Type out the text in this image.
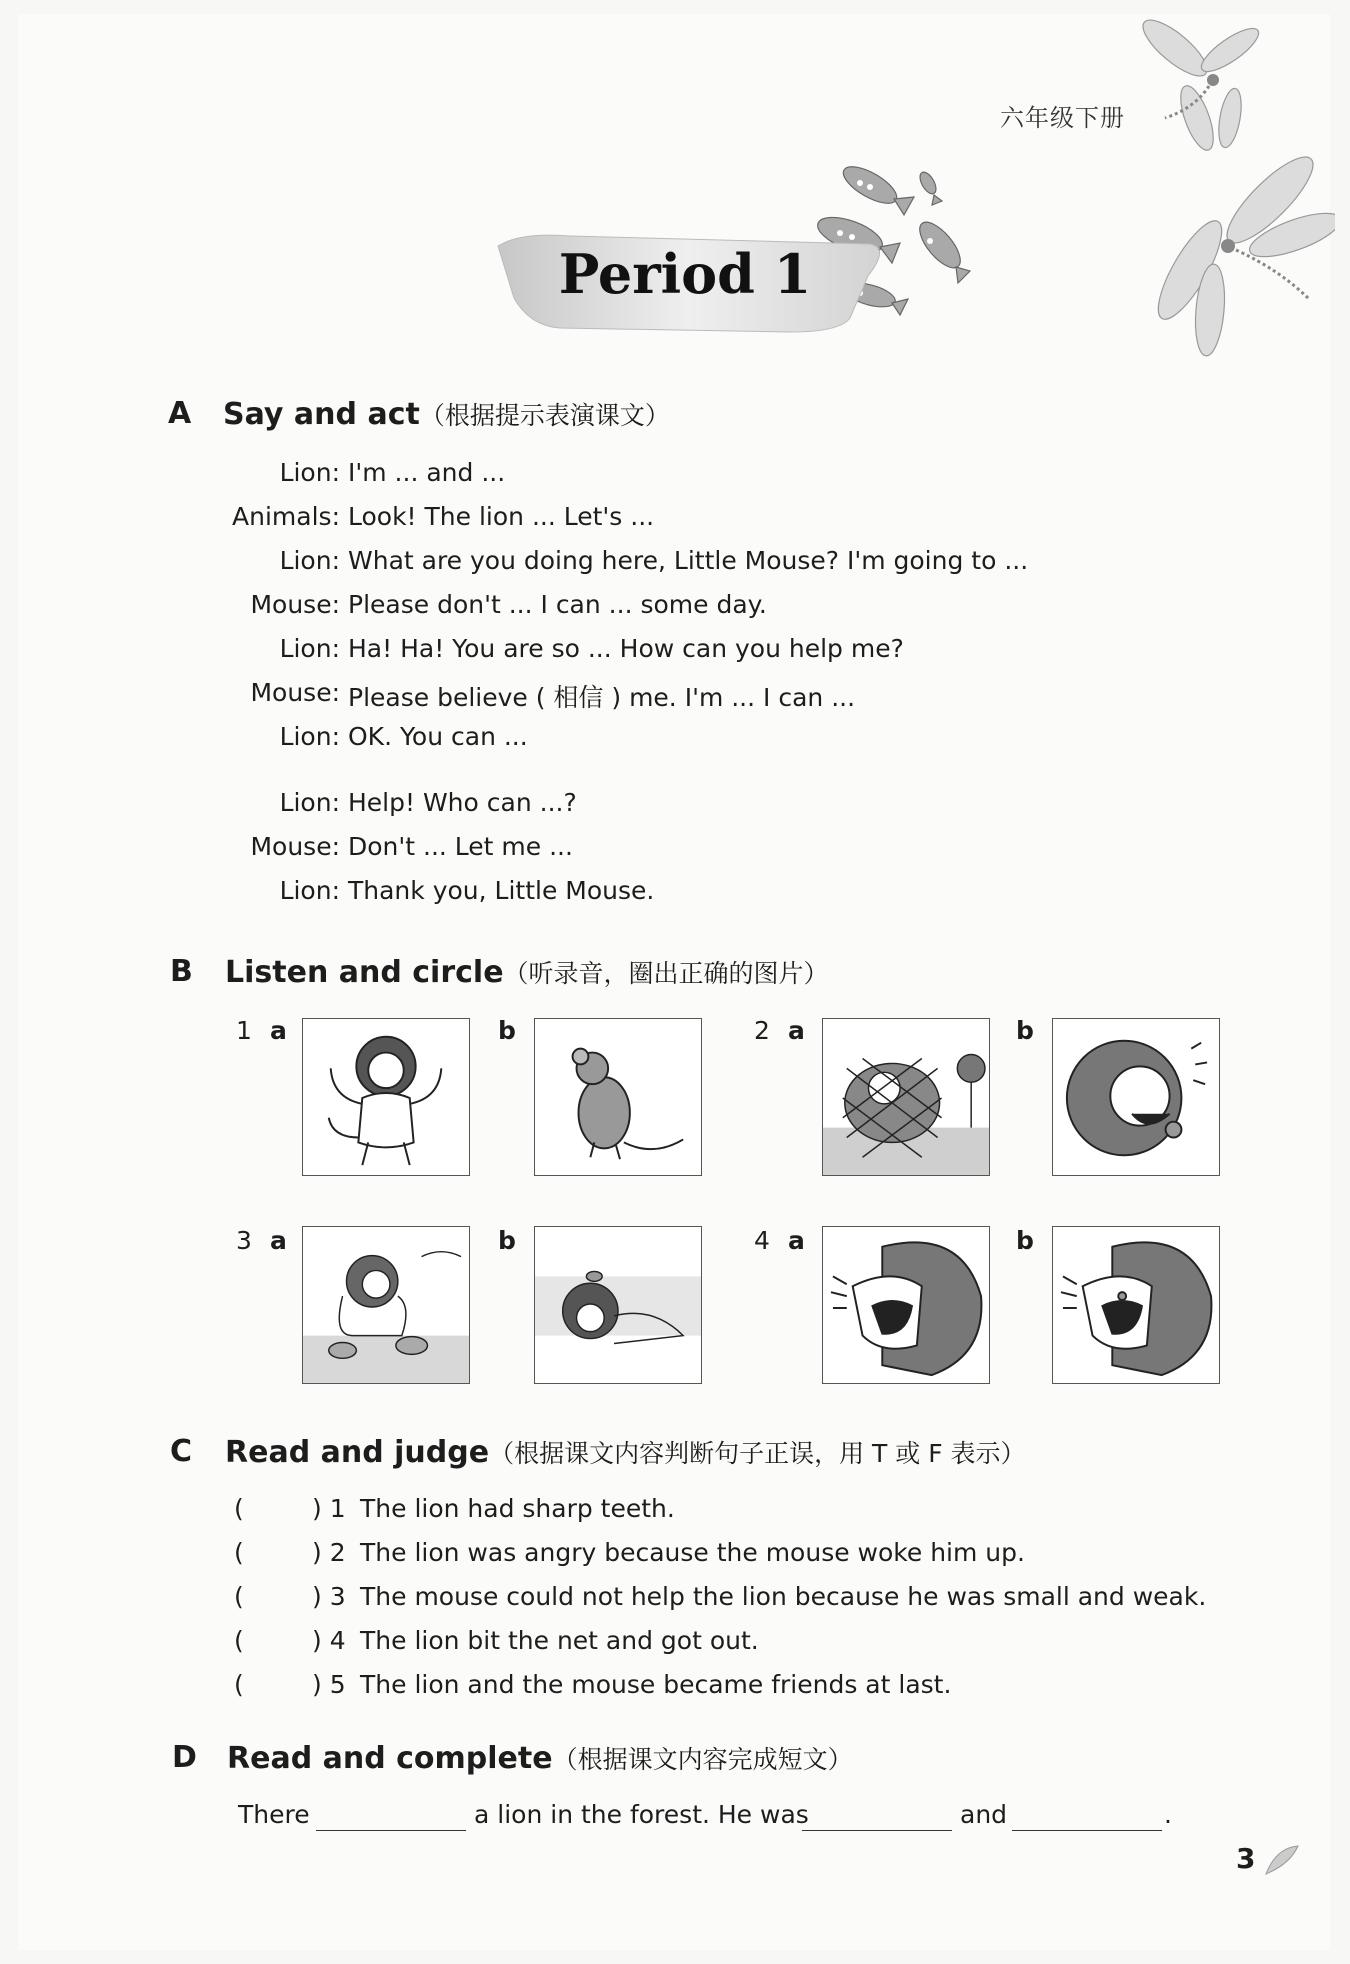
Period 1
六年级下册
A Say and act（根据提示表演课文）
Lion: I'm ... and ...
Animals: Look! The lion ... Let's ...
Lion: What are you doing here, Little Mouse? I'm going to ...
Mouse: Please don't ... I can ... some day.
Lion: Ha! Ha! You are so ... How can you help me?
Mouse: Please believe ( 相信 ) me. I'm ... I can ...
Lion: OK. You can ...
Lion: Help! Who can ...?
Mouse: Don't ... Let me ...
Lion: Thank you, Little Mouse.
B Listen and circle（听录音，圈出正确的图片）
1 a	b	2 a	b
3 a	b	4 a	b
C Read and judge（根据课文内容判断句子正误，用 T 或 F 表示）
(	) 1 The lion had sharp teeth.
(	) 2 The lion was angry because the mouse woke him up.
(	) 3 The mouse could not help the lion because he was small and weak.
(	) 4 The lion bit the net and got out.
(	) 5 The lion and the mouse became friends at last.
D Read and complete（根据课文内容完成短文）
There	a lion in the forest. He was	and	.
3
